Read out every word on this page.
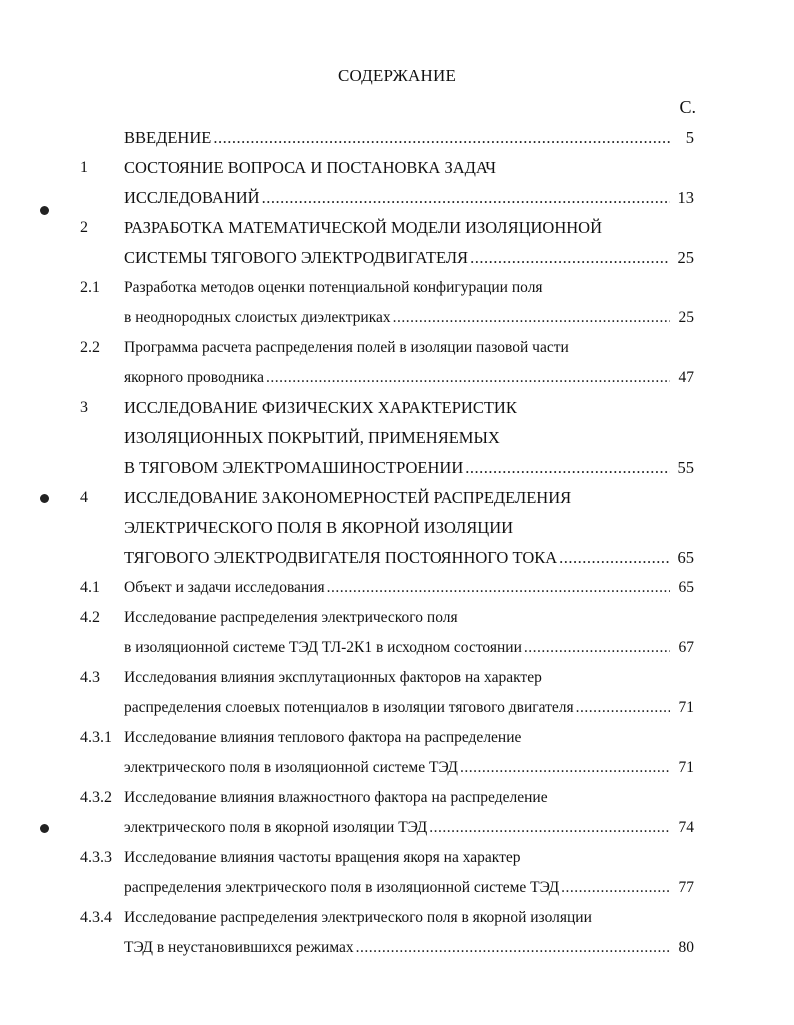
СОДЕРЖАНИЕ
С.
ВВЕДЕНИЕ .....	5
1	СОСТОЯНИЕ ВОПРОСА И ПОСТАНОВКА ЗАДАЧ
ИССЛЕДОВАНИЙ .....	13
2	РАЗРАБОТКА МАТЕМАТИЧЕСКОЙ МОДЕЛИ ИЗОЛЯЦИОННОЙ
СИСТЕМЫ ТЯГОВОГО ЭЛЕКТРОДВИГАТЕЛЯ .....	25
2.1	Разработка методов оценки потенциальной конфигурации поля
в неоднородных слоистых диэлектриках .....	25
2.2	Программа расчета распределения полей в изоляции пазовой части
якорного проводника .....	47
3	ИССЛЕДОВАНИЕ ФИЗИЧЕСКИХ ХАРАКТЕРИСТИК
ИЗОЛЯЦИОННЫХ ПОКРЫТИЙ, ПРИМЕНЯЕМЫХ
В ТЯГОВОМ ЭЛЕКТРОМАШИНОСТРОЕНИИ .....	55
4	ИССЛЕДОВАНИЕ ЗАКОНОМЕРНОСТЕЙ РАСПРЕДЕЛЕНИЯ
ЭЛЕКТРИЧЕСКОГО ПОЛЯ В ЯКОРНОЙ ИЗОЛЯЦИИ
ТЯГОВОГО ЭЛЕКТРОДВИГАТЕЛЯ ПОСТОЯННОГО ТОКА .....	65
4.1	Объект и задачи исследования .....	65
4.2	Исследование распределения электрического поля
в изоляционной системе ТЭД ТЛ-2К1 в исходном состоянии .....	67
4.3	Исследования влияния эксплутационных факторов на характер
распределения слоевых потенциалов в изоляции тягового двигателя .....	71
4.3.1 Исследование влияния теплового фактора на распределение
электрического поля в изоляционной системе ТЭД .....	71
4.3.2 Исследование влияния влажностного фактора на распределение
электрического поля в якорной изоляции ТЭД .....	74
4.3.3 Исследование влияния частоты вращения якоря на характер
распределения электрического поля в изоляционной системе ТЭД .....	77
4.3.4 Исследование распределения электрического поля в якорной изоляции
ТЭД в неустановившихся режимах .....	80
